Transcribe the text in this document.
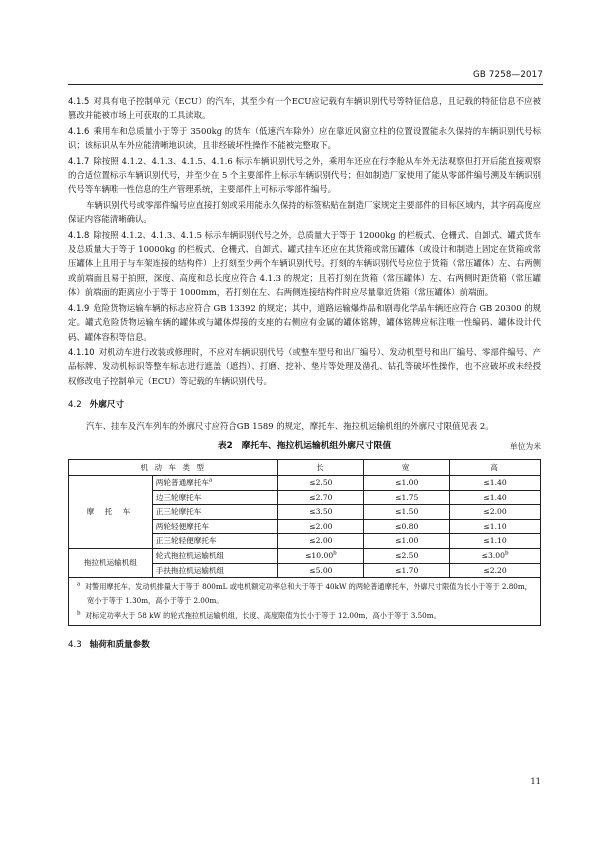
GB 7258—2017

4.1.5 对具有电子控制单元（ECU）的汽车，其至少有一个ECU应记载有车辆识别代号等特征信息，且记载的特征信息不应被篡改并能被市场上可获取的工具读取。

4.1.6 乘用车和总质量小于等于 3500kg 的货车（低速汽车除外）应在靠近风窗立柱的位置设置能永久保持的车辆识别代号标识；该标识从车外应能清晰地识读，且非经破坏性操作不能被完整取下。

4.1.7 除按照 4.1.2、4.1.3、4.1.5、4.1.6 标示车辆识别代号之外，乘用车还应在行李舱从车外无法观察但打开后能直接观察的合适位置标示车辆识别代号，并至少在 5 个主要部件上标示车辆识别代号；但如制造厂家使用了能从零部件编号溯及车辆识别代号等车辆唯一性信息的生产管理系统，主要部件上可标示零部件编号。

车辆识别代号或零部件编号应直接打刻或采用能永久保持的标签粘贴在制造厂家规定主要部件的目标区域内，其字码高度应保证内容能清晰确认。

4.1.8 除按照 4.1.2、4.1.3、4.1.5 标示车辆识别代号之外，总质量大于等于 12000kg 的栏板式、仓栅式、自卸式、罐式货车及总质量大于等于 10000kg 的栏板式、仓栅式、自卸式、罐式挂车还应在其货箱或常压罐体（或设计和制造上固定在货箱或常压罐体上且用于与车架连接的结构件）上打刻至少两个车辆识别代号。打刻的车辆识别代号应位于货箱（常压罐体）左、右两侧或前端面且易于拍照，深度、高度和总长度应符合 4.1.3 的规定；且若打刻在货箱（常压罐体）左、右两侧时距货箱（常压罐体）前端面的距离应小于等于 1000mm，若打刻在左、右两侧连接结构件时应尽量靠近货箱（常压罐体）前端面。

4.1.9 危险货物运输车辆的标志应符合 GB 13392 的规定；其中，道路运输爆炸品和剧毒化学品车辆还应符合 GB 20300 的规定。罐式危险货物运输车辆的罐体或与罐体焊接的支座的右侧应有金属的罐体铭牌，罐体铭牌应标注唯一性编码、罐体设计代码、罐体容积等信息。

4.1.10 对机动车进行改装或修理时，不应对车辆识别代号（或整车型号和出厂编号）、发动机型号和出厂编号、零部件编号、产品标牌、发动机标识等整车标志进行遮盖（遮挡）、打磨、挖补、垫片等处理及凿孔、钻孔等破坏性操作，也不应破坏或未经授权修改电子控制单元（ECU）等记载的车辆识别代号。

4.2 外廓尺寸

汽车、挂车及汽车列车的外廓尺寸应符合GB 1589 的规定，摩托车、拖拉机运输机组的外廓尺寸限值见表 2。

表2　摩托车、拖拉机运输机组外廓尺寸限值	单位为米
机 动 车 类 型		长	宽	高
摩 托 车	两轮普通摩托车$^a$	≤2.50	≤1.00	≤1.40
	边三轮摩托车	≤2.70	≤1.75	≤1.40
	正三轮摩托车	≤3.50	≤1.50	≤2.00
	两轮轻便摩托车	≤2.00	≤0.80	≤1.10
	正三轮轻便摩托车	≤2.00	≤1.00	≤1.10
拖拉机运输机组	轮式拖拉机运输机组	≤10.00$^b$	≤2.50	≤3.00$^b$
	手扶拖拉机运输机组	≤5.00	≤1.70	≤2.20

$^a$ 对警用摩托车、发动机排量大于等于 800mL 或电机额定功率总和大于等于 40kW 的两轮普通摩托车，外廓尺寸限值为长小于等于 2.80m，宽小于等于 1.30m，高小于等于 2.00m。
$^b$ 对标定功率大于 58 kW 的轮式拖拉机运输机组，长度、高度限值为长小于等于 12.00m，高小于等于 3.50m。				
4.3 轴荷和质量参数
11
